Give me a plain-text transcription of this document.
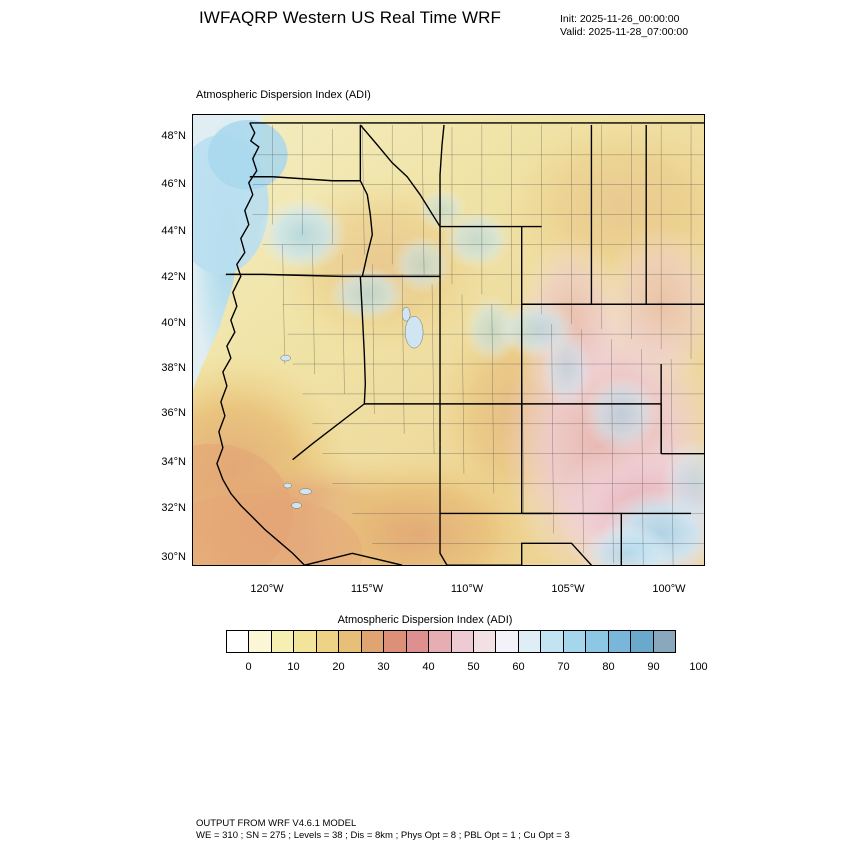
IWFAQRP Western US Real Time WRF	Init: 2025-11-26_00:00:00
Valid: 2025-11-28_07:00:00
Atmospheric Dispersion Index (ADI)
48°N
46°N
44°N
42°N
40°N
38°N
36°N
34°N
32°N
30°N
120°W	115°W	110°W	105°W	100°W
Atmospheric Dispersion Index (ADI)
0	10	20	30	40	50	60	70	80	90	100
OUTPUT FROM WRF V4.6.1 MODEL
WE = 310 ; SN = 275 ; Levels = 38 ; Dis = 8km ; Phys Opt = 8 ; PBL Opt = 1 ; Cu Opt = 3
